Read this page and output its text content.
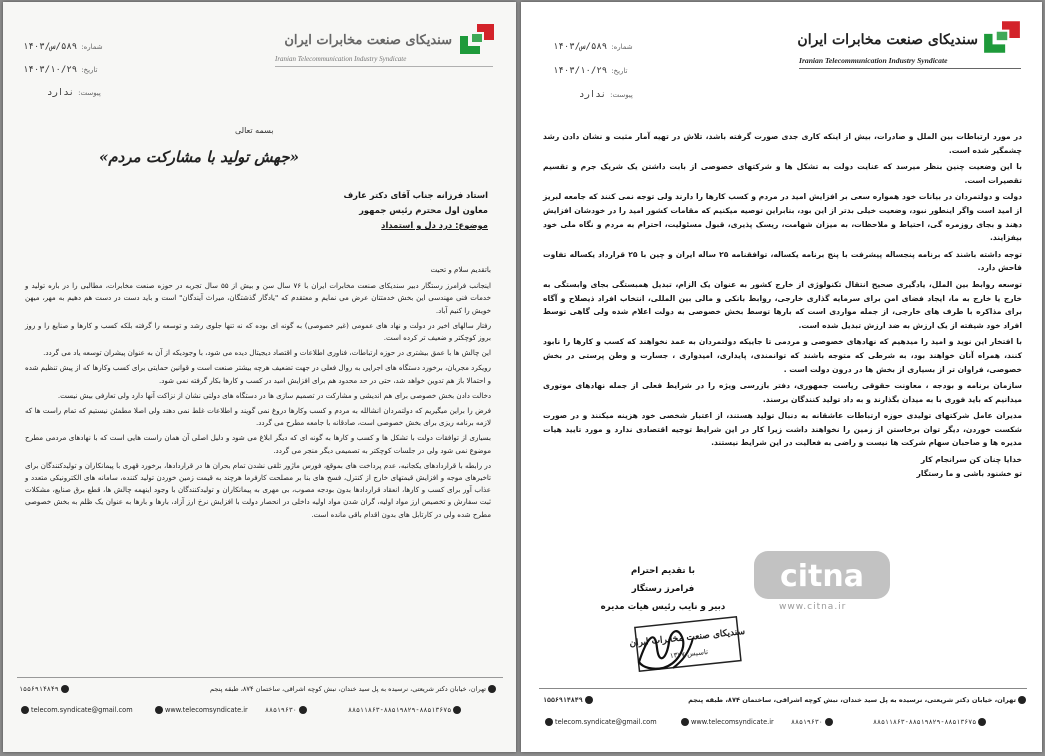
سندیکای صنعت مخابرات ایران
Iranian Telecommunication Industry Syndicate
شماره:۵۸۹/س/۱۴۰۳
تاریخ:۱۴۰۳/۱۰/۲۹
پیوست:ندارد
بسمه تعالی
«جهش تولید با مشارکت مردم»
استاد فرزانه جناب آقای دکتر عارف
معاون اول محترم رئیس جمهور
موضوع: درد دل و استمداد

باتقدیم سلام و تحیت

اینجانب فرامرز رستگار دبیر سندیکای صنعت مخابرات ایران با ۷۶ سال سن و بیش از ۵۵ سال تجربه در حوزه صنعت مخابرات، مطالبی را در باره تولید و خدمات فنی مهندسی این بخش خدمتتان عرض می نمایم و معتقدم که "یادگار گذشتگان، میراث آیندگان" است و باید دست در دست هم دهیم به مهر، میهن خویش را کنیم آباد.

رفتار سالهای اخیر در دولت و نهاد های عمومی (غیر خصوصی) به گونه ای بوده که نه تنها جلوی رشد و توسعه را گرفته بلکه کسب و کارها و صنایع را و روز بروز کوچکتر و ضعیف تر کرده است.

این چالش ها با عمق بیشتری در حوزه ارتباطات، فناوری اطلاعات و اقتصاد دیجیتال دیده می شود، با وجودیکه از آن به عنوان پیشران توسعه یاد می گردد.

رویکرد مجریان، برخورد دستگاه های اجرایی به روال فعلی در جهت تضعیف هرچه بیشتر صنعت است و قوانین حمایتی برای کسب وکارها که از پیش تنظیم شده و احتمالا باز هم تدوین خواهد شد، حتی در حد محدود هم برای افزایش امید در کسب و کارها بکار گرفته نمی شود.

دخالت دادن بخش خصوصی برای هم اندیشی و مشارکت در تصمیم سازی ها در دستگاه های دولتی نشان از نزاکت آنها دارد ولی تعارفی بیش نیست.

فرض را براین میگیریم که دولتمردان انشالله به مردم و کسب وکارها دروغ نمی گویند و اطلاعات غلط نمی دهند ولی اصلا مطمئن نیستیم که تمام راست ها که لازمه برنامه ریزی برای بخش خصوصی است، صادقانه با جامعه مطرح می گردد.

بسیاری از توافقات دولت با تشکل ها و کسب و کارها به گونه ای که دیگر ابلاغ می شود و دلیل اصلی آن همان راست هایی است که با نهادهای مردمی مطرح موضوع نمی شود ولی در جلسات کوچکتر به تصمیمی دیگر منجر می گردد.

در رابطه با قراردادهای یکجانبه، عدم پرداخت های بموقع، فورس ماژور تلقی نشدن تمام بحران ها در قراردادها، برخورد قهری با پیمانکاران و تولیدکنندگان برای تاخیرهای موجه و افزایش قیمتهای خارج از کنترل، فسخ های بنا بر مصلحت کارفرما هرچند به قیمت زمین خوردن تولید کننده، سامانه های الکترونیکی متعدد و عذاب آور برای کسب و کارها، انعقاد قراردادها بدون بودجه مصوب، بی مهری به پیمانکاران و تولیدکنندگان با وجود اینهمه چالش ها، قطع برق صنایع، مشکلات ثبت سفارش و تخصیص ارز مواد اولیه، گران شدن مواد اولیه داخلی در انحصار دولت با افزایش نرخ ارز آزاد، بارها و بارها به عنوان یک ظلم به بخش خصوصی مطرح شده ولی در کارتابل های بدون اقدام باقی مانده است.

تهران، خیابان دکتر شریعتی، نرسیده به پل سید خندان، نبش کوچه اشراقی، ساختمان ۸۷۴، طبقه پنجم
۱۵۵۶۹۱۴۸۴۹
telecom.syndicate@gmail.com	www.telecomsyndicate.ir	۸۸۵۱۹۶۳۰	۸۸۵۱۱۸۶۳-۸۸۵۱۹۸۲۹-۸۸۵۱۳۶۷۵
سندیکای صنعت مخابرات ایران
Iranian Telecommunication Industry Syndicate
شماره:۵۸۹/س/۱۴۰۳
تاریخ:۱۴۰۳/۱۰/۲۹
پیوست:ندارد

در مورد ارتباطات بین الملل و صادرات، بیش از اینکه کاری جدی صورت گرفته باشد، تلاش در تهیه آمار مثبت و نشان دادن رشد چشمگیر شده است.

با این وضعیت چنین بنظر میرسد که عنایت دولت به تشکل ها و شرکتهای خصوصی از بابت داشتن یک شریک جرم و تقسیم تقصیرات است.

دولت و دولتمردان در بیانات خود همواره سعی بر افزایش امید در مردم و کسب کارها را دارند ولی توجه نمی کنند که جامعه لبریز از امید است واگر اینطور نبود، وضعیت خیلی بدتر از این بود، بنابراین توصیه میکنیم که مقامات کشور امید را در خودشان افزایش دهند و بجای روزمره گی، احتیاط و ملاحظات، به میزان شهامت، ریسک پذیری، قبول مسئولیت، احترام به مردم و نگاه ملی خود بیفزایند.

توجه داشته باشند که برنامه پنجساله پیشرفت با پنج برنامه یکساله، توافقنامه ۲۵ ساله ایران و چین با ۲۵ قرارداد یکساله تفاوت فاحش دارد.

توسعه روابط بین الملل، یادگیری صحیح انتقال تکنولوژی از خارج کشور به عنوان یک الزام، تبدیل همبستگی بجای وابستگی به خارج یا خارج به ما، ایجاد فضای امن برای سرمایه گذاری خارجی، روابط بانکی و مالی بین المللی، انتخاب افراد ذیصلاح و آگاه برای مذاکره با طرف های خارجی، از جمله مواردی است که بارها توسط بخش خصوصی به دولت اعلام شده ولی گاهی توسط افراد خود شیفته از یک ارزش به ضد ارزش تبدیل شده است.

با افتخار این نوید و امید را میدهیم که نهادهای خصوصی و مردمی تا جاییکه دولتمردان به عمد نخواهند که کسب و کارها را نابود کنند، همراه آنان خواهند بود، به شرطی که متوجه باشند که توانمندی، پایداری، امیدواری ، جسارت و وطن پرستی در بخش خصوصی، فراوان تر از بسیاری از بخش ها در درون دولت است .

سازمان برنامه و بودجه ، معاونت حقوقی ریاست جمهوری، دفتر بازرسی ویژه را در شرایط فعلی از جمله نهادهای موتوری میدانیم که باید فوری با به میدان بگذارند و به داد تولید کنندگان برسند.

مدیران عامل شرکتهای تولیدی حوزه ارتباطات عاشقانه به دنبال تولید هستند، از اعتبار شخصی خود هزینه میکنند و در صورت شکست خوردن، دیگر توان برخاستن از زمین را نخواهند داشت زیرا کار در این شرایط توجیه اقتصادی ندارد و مورد تایید هیات مدیره ها و صاحبان سهام شرکت ها نیست و راضی به فعالیت در این شرایط نیستند.

خدایا چنان کن سرانجام کار

تو خشنود باشی و ما رستگار

citna
www.citna.ir
با تقدیم احترام
فرامرز رستگار
دبیر و نایب رئیس هیات مدیره
سندیکای صنعت مخابرات ایران
تاسیس ۱۳۷۷
تهران، خیابان دکتر شریعتی، نرسیده به پل سید خندان، نبش کوچه اشراقی، ساختمان ۸۷۴، طبقه پنجم
۱۵۵۶۹۱۴۸۴۹
telecom.syndicate@gmail.com	www.telecomsyndicate.ir	۸۸۵۱۹۶۳۰	۸۸۵۱۱۸۶۳-۸۸۵۱۹۸۲۹-۸۸۵۱۳۶۷۵
